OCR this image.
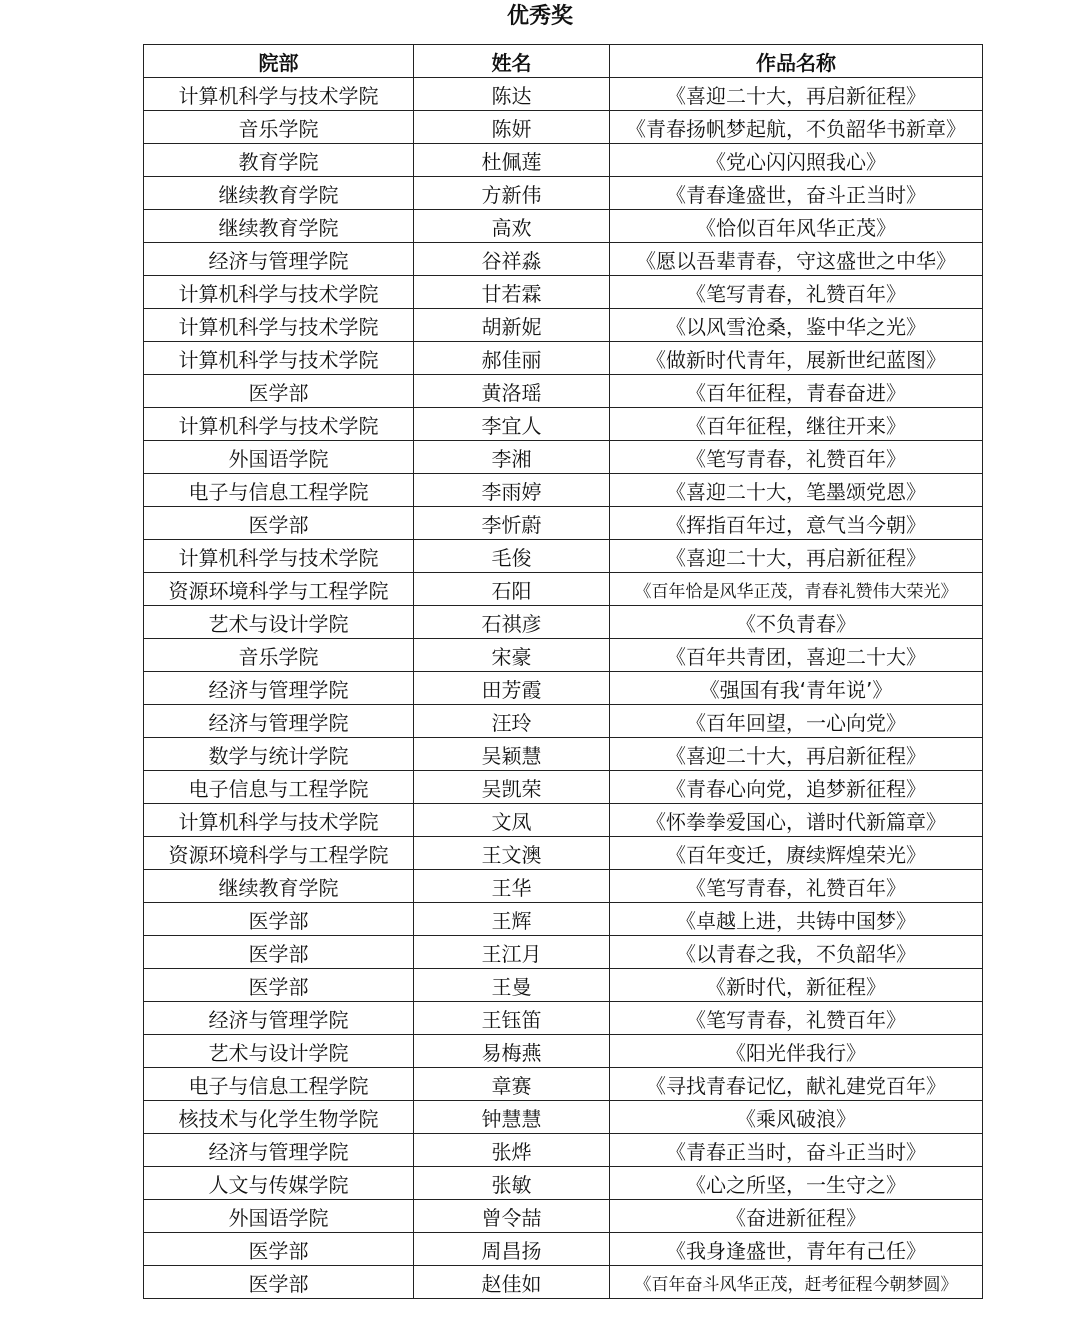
优秀奖
院部	姓名	作品名称
计算机科学与技术学院	陈达	《喜迎二十大，再启新征程》
音乐学院	陈妍	《青春扬帆梦起航，不负韶华书新章》
教育学院	杜佩莲	《党心闪闪照我心》
继续教育学院	方新伟	《青春逢盛世，奋斗正当时》
继续教育学院	高欢	《恰似百年风华正茂》
经济与管理学院	谷祥淼	《愿以吾辈青春，守这盛世之中华》
计算机科学与技术学院	甘若霖	《笔写青春，礼赞百年》
计算机科学与技术学院	胡新妮	《以风雪沧桑，鉴中华之光》
计算机科学与技术学院	郝佳丽	《做新时代青年，展新世纪蓝图》
医学部	黄洛瑶	《百年征程，青春奋进》
计算机科学与技术学院	李宜人	《百年征程，继往开来》
外国语学院	李湘	《笔写青春，礼赞百年》
电子与信息工程学院	李雨婷	《喜迎二十大，笔墨颂党恩》
医学部	李忻蔚	《挥指百年过，意气当今朝》
计算机科学与技术学院	毛俊	《喜迎二十大，再启新征程》
资源环境科学与工程学院	石阳	《百年恰是风华正茂，青春礼赞伟大荣光》
艺术与设计学院	石祺彦	《不负青春》
音乐学院	宋豪	《百年共青团，喜迎二十大》
经济与管理学院	田芳霞	《强国有我‘青年说’》
经济与管理学院	汪玲	《百年回望，一心向党》
数学与统计学院	吴颖慧	《喜迎二十大，再启新征程》
电子信息与工程学院	吴凯荣	《青春心向党，追梦新征程》
计算机科学与技术学院	文凤	《怀拳拳爱国心，谱时代新篇章》
资源环境科学与工程学院	王文澳	《百年变迁，赓续辉煌荣光》
继续教育学院	王华	《笔写青春，礼赞百年》
医学部	王辉	《卓越上进，共铸中国梦》
医学部	王江月	《以青春之我，不负韶华》
医学部	王曼	《新时代，新征程》
经济与管理学院	王钰笛	《笔写青春，礼赞百年》
艺术与设计学院	易梅燕	《阳光伴我行》
电子与信息工程学院	章赛	《寻找青春记忆，献礼建党百年》
核技术与化学生物学院	钟慧慧	《乘风破浪》
经济与管理学院	张烨	《青春正当时，奋斗正当时》
人文与传媒学院	张敏	《心之所坚，一生守之》
外国语学院	曾令喆	《奋进新征程》
医学部	周昌扬	《我身逢盛世，青年有己任》
医学部	赵佳如	《百年奋斗风华正茂，赶考征程今朝梦圆》
